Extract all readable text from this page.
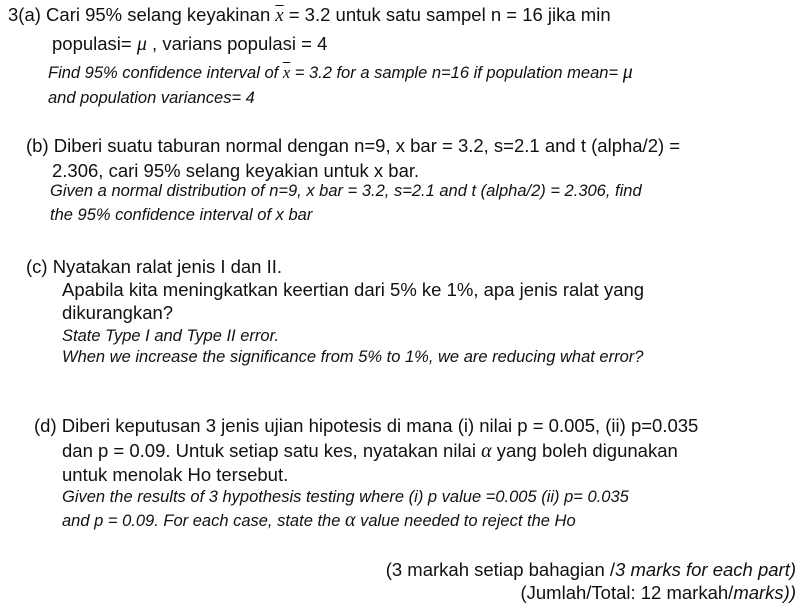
3(a) Cari 95% selang keyakinan $\overline{x} = 3.2$ untuk satu sampel n = 16 jika min
populasi= μ , varians populasi = 4
Find 95% confidence interval of $\overline{x} = 3.2$ for a sample n=16 if population mean= μ
and population variances= 4
(b) Diberi suatu taburan normal dengan n=9, x bar = 3.2, s=2.1 and t (alpha/2) =
2.306, cari 95% selang keyakian untuk x bar.
Given a normal distribution of n=9, x bar = 3.2, s=2.1 and t (alpha/2) = 2.306, find
the 95% confidence interval of x bar
(c) Nyatakan ralat jenis I dan II.
Apabila kita meningkatkan keertian dari 5% ke 1%, apa jenis ralat yang
dikurangkan?
State Type I and Type II error.
When we increase the significance from 5% to 1%, we are reducing what error?
(d) Diberi keputusan 3 jenis ujian hipotesis di mana (i) nilai p = 0.005, (ii) p=0.035
dan p = 0.09. Untuk setiap satu kes, nyatakan nilai α yang boleh digunakan
untuk menolak Ho tersebut.
Given the results of 3 hypothesis testing where (i) p value =0.005 (ii) p= 0.035
and p = 0.09. For each case, state the α value needed to reject the Ho
(3 markah setiap bahagian /3 marks for each part)
(Jumlah/Total: 12 markah/marks))
